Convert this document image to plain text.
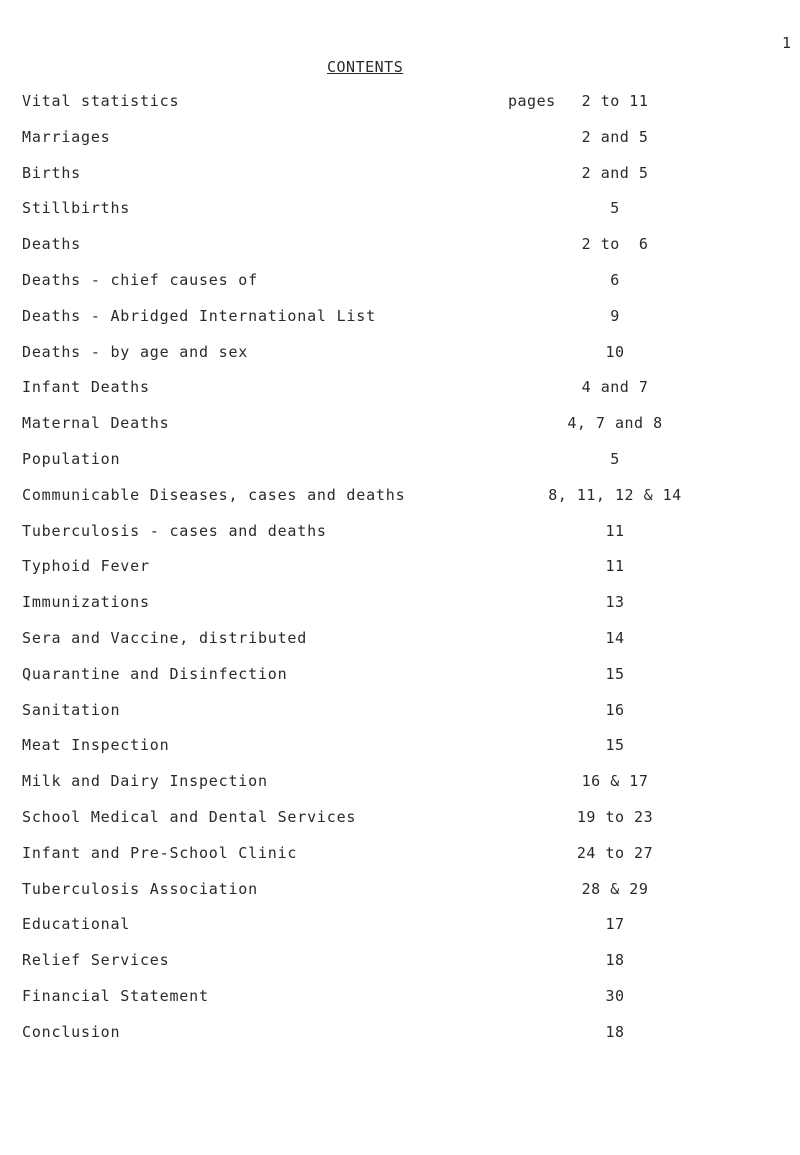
1
CONTENTS
pages
Vital statistics	2 to 11
Marriages	2 and 5
Births	2 and 5
Stillbirths	5
Deaths	2 to  6
Deaths - chief causes of	6
Deaths - Abridged International List	9
Deaths - by age and sex	10
Infant Deaths	4 and 7
Maternal Deaths	4, 7 and 8
Population	5
Communicable Diseases, cases and deaths	8, 11, 12 & 14
Tuberculosis - cases and deaths	11
Typhoid Fever	11
Immunizations	13
Sera and Vaccine, distributed	14
Quarantine and Disinfection	15
Sanitation	16
Meat Inspection	15
Milk and Dairy Inspection	16 & 17
School Medical and Dental Services	19 to 23
Infant and Pre-School Clinic	24 to 27
Tuberculosis Association	28 & 29
Educational	17
Relief Services	18
Financial Statement	30
Conclusion	18
